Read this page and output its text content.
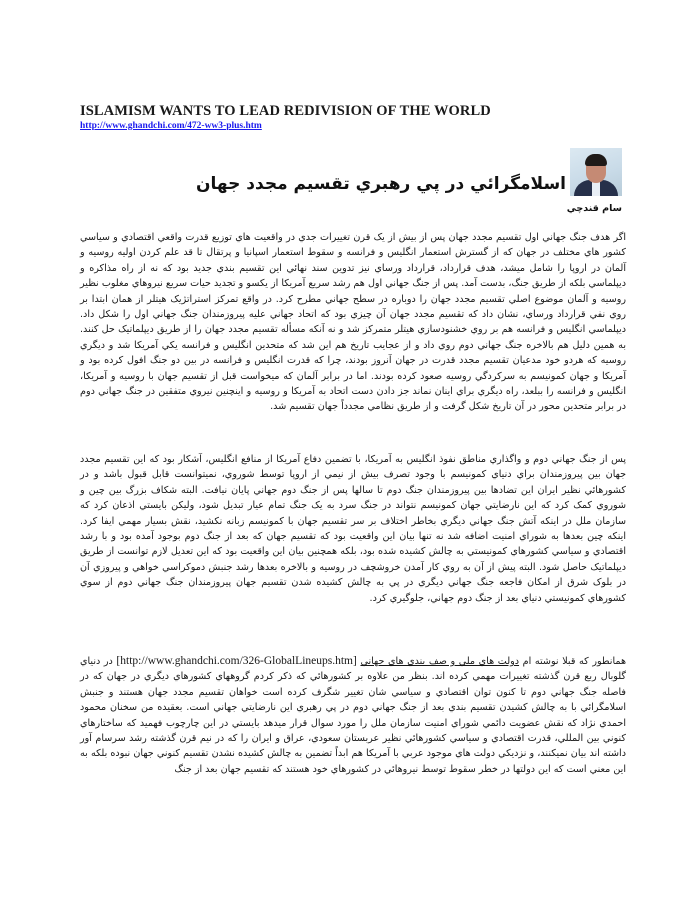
ISLAMISM WANTS TO LEAD REDIVISION OF THE WORLD
http://www.ghandchi.com/472-ww3-plus.htm
اسلامگرائي در پي رهبري تقسيم مجدد جهان
سام قندچي
اگر هدف جنگ جهاني اول تقسيم مجدد جهان پس از بيش از يک قرن تغييرات جدي در واقعيت هاي توزيع قدرت واقعي اقتصادي و سياسي کشور هاي مختلف در جهان که از گسترش استعمار انگليس و فرانسه و سقوط استعمار اسپانيا و پرتقال تا قد علم کردن اوليه روسيه و آلمان در اروپا را شامل ميشد، هدف قرارداد، قرارداد ورساي نيز تدوين سند نهائي اين تقسيم بندي جديد بود که نه از راه مذاکره و ديپلماسي بلکه از طريق جنگ، بدست آمد. پس از جنگ جهاني اول هم رشد سريع آمريکا از يکسو و تجديد حيات سريع نيروهاي مغلوب نظير روسيه و آلمان موضوع اصلي تقسيم مجدد جهان را دوباره در سطح جهاني مطرح کرد. در واقع تمرکز استراتژيک هيتلر از همان ابتدا بر روي نفي قرارداد ورساي، نشان داد که تقسيم مجدد جهان آن چيزي بود که اتحاد جهاني عليه پيروزمندان جنگ جهاني اول را شکل داد. ديپلماسي انگليس و فرانسه هم بر روي خشنودسازي هيتلر متمرکز شد و نه آنکه مسأله تقسيم مجدد جهان را از طريق ديپلماتيک حل کنند. به همين دليل هم بالاخره جنگ جهاني دوم روي داد و از عجايب تاريخ هم اين شد که متحدين انگليس و فرانسه يکي آمريکا شد و ديگري روسيه که هردو خود مدعيان تقسيم مجدد قدرت در جهان آنروز بودند، چرا که قدرت انگليس و فرانسه در بين دو جنگ افول کرده بود و آمريکا و جهان کمونيسم به سرکردگي روسيه صعود کرده بودند. اما در برابر آلمان که ميخواست قبل از تقسيم جهان با روسيه و آمريکا، انگليس و فرانسه را ببلعد، راه ديگري براي اينان نماند جز دادن دست اتحاد به آمريکا و روسيه و اينچنين نيروي متفقين در جنگ جهاني دوم در برابر متحدين محور در آن تاريخ شکل گرفت و از طريق نظامي مجدداً جهان تقسيم شد.
پس از جنگ جهاني دوم و واگذاري مناطق نفوذ انگليس به آمريکا، با تضمين دفاع آمريکا از منافع انگليس، آشکار بود که اين تقسيم مجدد جهان بين پيروزمندان براي دنياي کمونيسم با وجود تصرف بيش از نيمي از اروپا توسط شوروي، نميتوانست قابل قبول باشد و در کشورهائي نظير ايران اين تضادها بين پيروزمندان جنگ دوم تا سالها پس از جنگ دوم جهاني پايان نيافت. البته شکاف بزرگ بين چين و شوروي کمک کرد که اين نارضايتي جهان کمونيسم نتواند در جنگ سرد به يک جنگ تمام عيار تبديل شود، وليکن بايستي اذعان کرد که سازمان ملل در اينکه آتش جنگ جهاني ديگري بخاطر اختلاف بر سر تقسيم جهان با کمونيسم زبانه نکشيد، نقش بسيار مهمي ايفا کرد. اينکه چين بعدها به شوراي امنيت اضافه شد نه تنها بيان اين واقعيت بود که تقسيم جهان که بعد از جنگ دوم بوجود آمده بود و با رشد اقتصادي و سياسي کشورهاي کمونيستي به چالش کشيده شده بود، بلکه همچنين بيان اين واقعيت بود که اين تعديل لازم توانست از طريق ديپلماتيک حاصل شود. البته پيش از آن به روي کار آمدن خروشچف در روسيه و بالاخره بعدها رشد جنبش دموکراسي خواهي و پيروزي آن در بلوک شرق از امکان فاجعه جنگ جهاني ديگري در پي به چالش کشيده شدن تقسيم جهان پيروزمندان جنگ جهاني دوم از سوي کشورهاي کمونيستي دنياي بعد از جنگ دوم جهاني، جلوگيري کرد.
همانطور که قبلا نوشته ام دولت هاي ملي و صف بندي هاي جهاني [http://www.ghandchi.com/326-GlobalLineups.htm] در دنياي گلوبال ربع قرن گذشته تغييرات مهمي کرده اند. بنظر من علاوه بر کشورهائي که ذکر کردم گروههاي کشورهاي ديگري در جهان که در فاصله جنگ جهاني دوم تا کنون توان اقتصادي و سياسي شان تغيير شگرف کرده است خواهان تقسيم مجدد جهان هستند و جنبش اسلامگرائي با به چالش کشيدن تقسيم بندي بعد از جنگ جهاني دوم در پي رهبري اين نارضايتي جهاني است. بعقيده من سخنان محمود احمدي نژاد که نقش عضويت دائمي شوراي امنيت سازمان ملل را مورد سوال قرار ميدهد بايستي در اين چارچوب فهميد که ساختارهاي کنوني بين المللي، قدرت اقتصادي و سياسي کشورهائي نظير عربستان سعودي، عراق و ايران را که در نيم قرن گذشته رشد سرسام آور داشته اند بيان نميکنند، و نزديکي دولت هاي موجود عربي با آمريکا هم ابداً تضمين به چالش کشيده نشدن تقسيم کنوني جهان نبوده بلکه به اين معني است که اين دولتها در خطر سقوط توسط نيروهائي در کشورهاي خود هستند که تقسيم جهان بعد از جنگ
